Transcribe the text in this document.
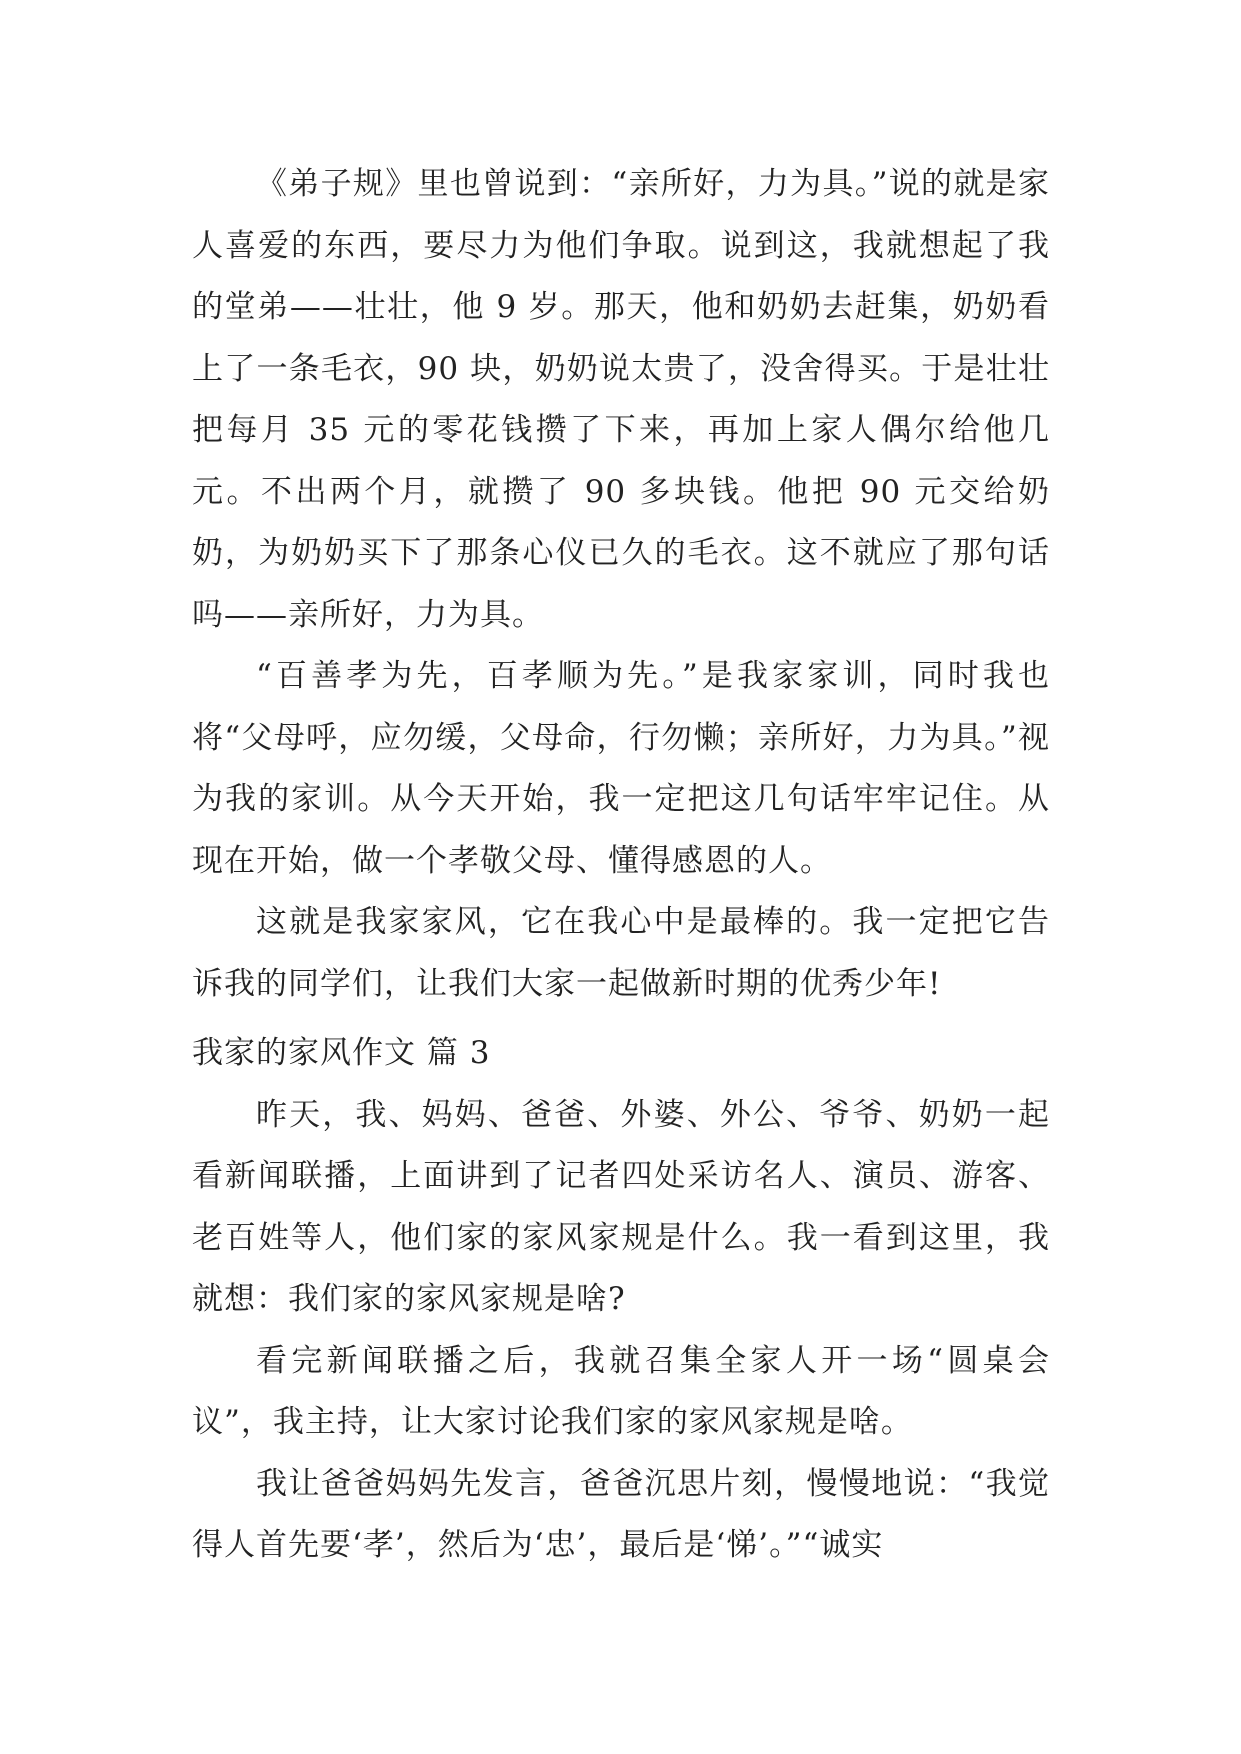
《弟子规》里也曾说到：“亲所好，力为具。”说的就是家人喜爱的东西，要尽力为他们争取。说到这，我就想起了我的堂弟——壮壮，他 9 岁。那天，他和奶奶去赶集，奶奶看上了一条毛衣，90 块，奶奶说太贵了，没舍得买。于是壮壮把每月 35 元的零花钱攒了下来，再加上家人偶尔给他几元。不出两个月，就攒了 90 多块钱。他把 90 元交给奶奶，为奶奶买下了那条心仪已久的毛衣。这不就应了那句话吗——亲所好，力为具。

“百善孝为先，百孝顺为先。”是我家家训，同时我也将“父母呼，应勿缓，父母命，行勿懒；亲所好，力为具。”视为我的家训。从今天开始，我一定把这几句话牢牢记住。从现在开始，做一个孝敬父母、懂得感恩的人。

这就是我家家风，它在我心中是最棒的。我一定把它告诉我的同学们，让我们大家一起做新时期的优秀少年!

我家的家风作文 篇 3

昨天，我、妈妈、爸爸、外婆、外公、爷爷、奶奶一起看新闻联播，上面讲到了记者四处采访名人、演员、游客、老百姓等人，他们家的家风家规是什么。我一看到这里，我就想：我们家的家风家规是啥?

看完新闻联播之后，我就召集全家人开一场“圆桌会议”，我主持，让大家讨论我们家的家风家规是啥。

我让爸爸妈妈先发言，爸爸沉思片刻，慢慢地说：“我觉得人首先要‘孝’，然后为‘忠’，最后是‘悌’。”“诚实
